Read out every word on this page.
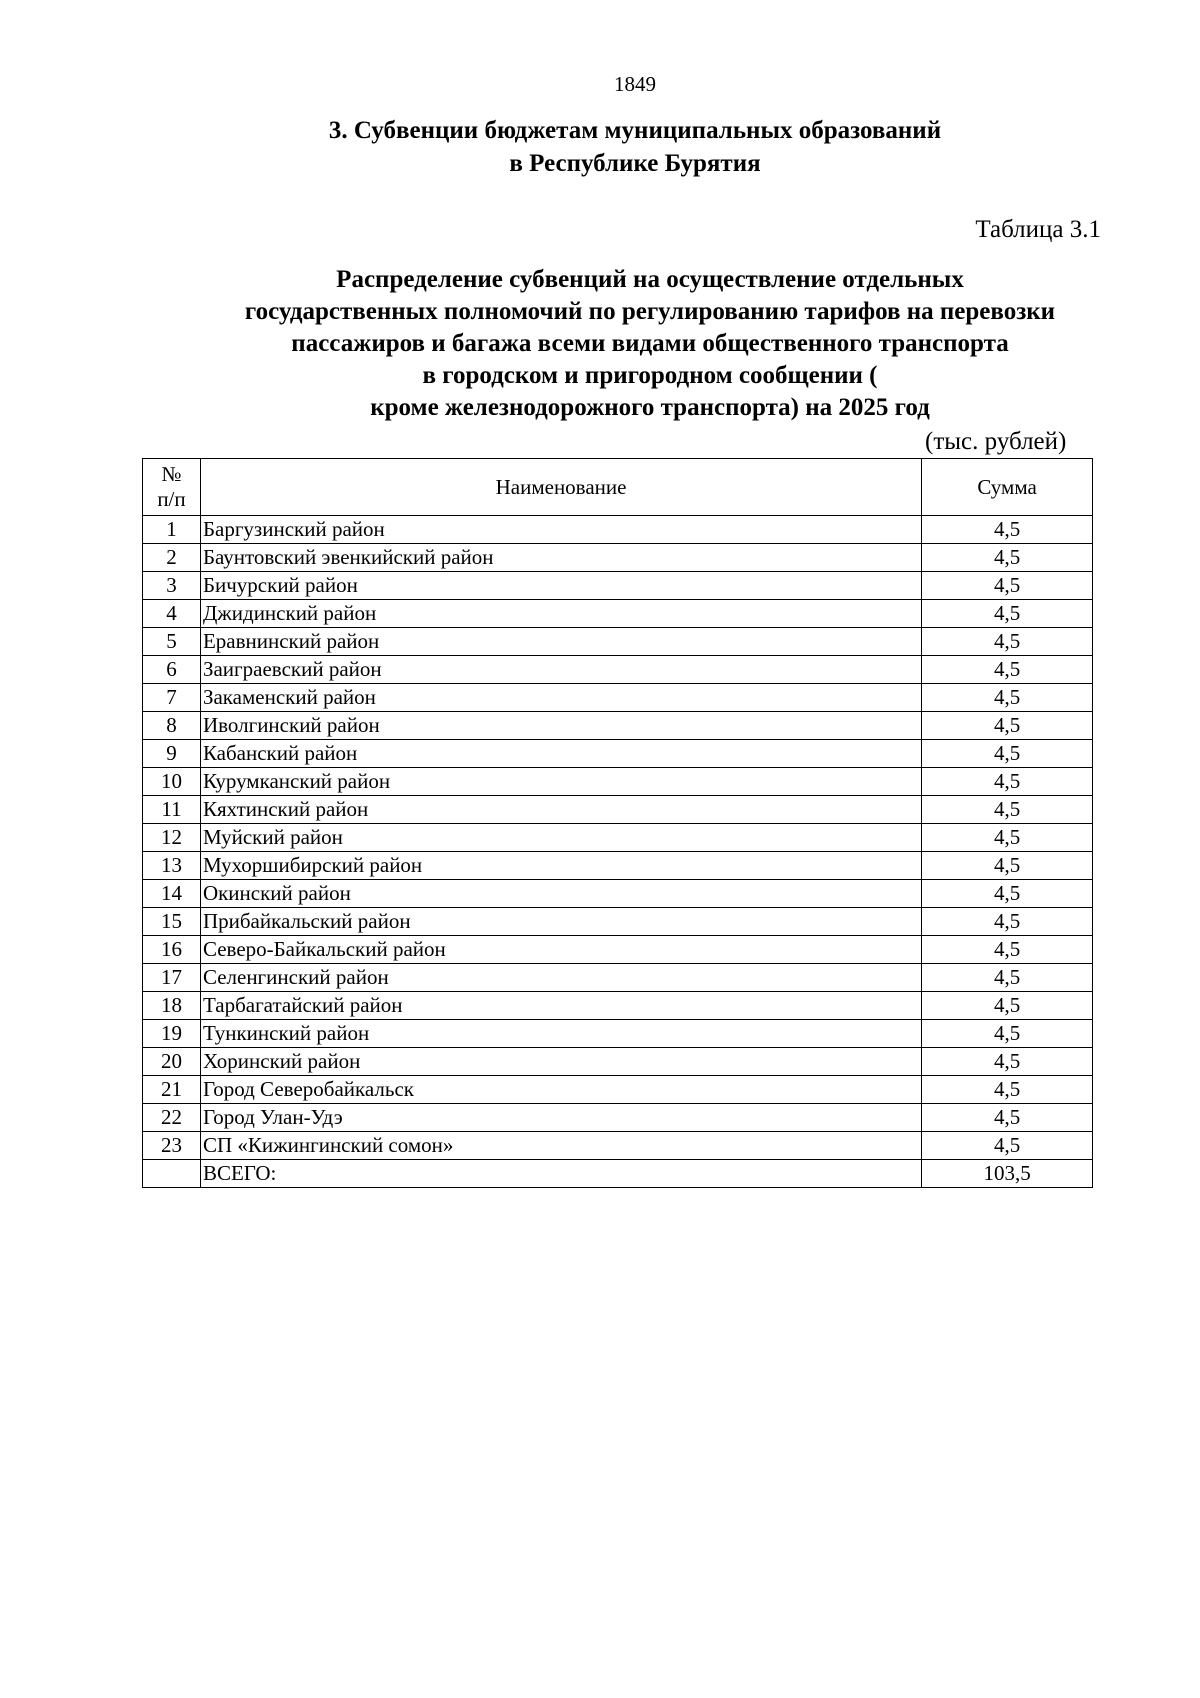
1849
3. Субвенции бюджетам муниципальных образований
в Республике Бурятия
Таблица 3.1
Распределение субвенций на осуществление отдельных
государственных полномочий по регулированию тарифов на перевозки
пассажиров и багажа всеми видами общественного транспорта
в городском и пригородном сообщении (
кроме железнодорожного транспорта) на 2025 год
(тыс. рублей)
№
п/п	Наименование	Сумма
1	Баргузинский район	4,5
2	Баунтовский эвенкийский район	4,5
3	Бичурский район	4,5
4	Джидинский район	4,5
5	Еравнинский район	4,5
6	Заиграевский район	4,5
7	Закаменский район	4,5
8	Иволгинский район	4,5
9	Кабанский район	4,5
10	Курумканский район	4,5
11	Кяхтинский район	4,5
12	Муйский район	4,5
13	Мухоршибирский район	4,5
14	Окинский район	4,5
15	Прибайкальский район	4,5
16	Северо-Байкальский район	4,5
17	Селенгинский район	4,5
18	Тарбагатайский район	4,5
19	Тункинский район	4,5
20	Хоринский район	4,5
21	Город Северобайкальск	4,5
22	Город Улан-Удэ	4,5
23	СП «Кижингинский сомон»	4,5
	ВСЕГО:	103,5
